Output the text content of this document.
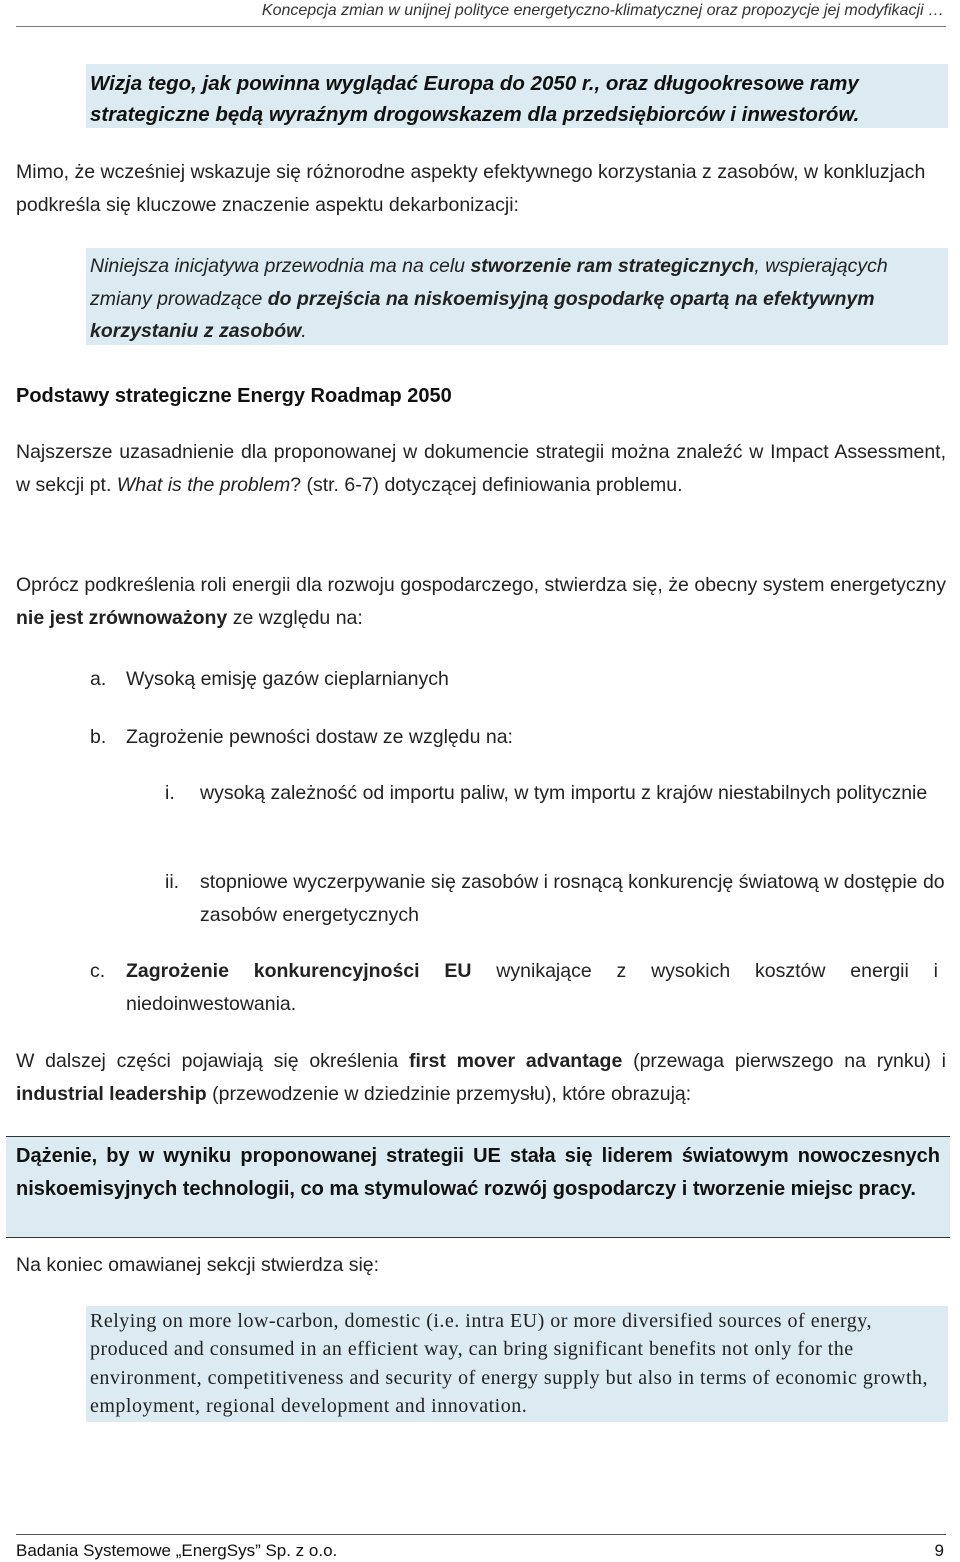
Koncepcja zmian w unijnej polityce energetyczno-klimatycznej oraz propozycje jej modyfikacji …

Wizja tego, jak powinna wyglądać Europa do 2050 r., oraz długookresowe ramy strategiczne będą wyraźnym drogowskazem dla przedsiębiorców i inwestorów.

Mimo, że wcześniej wskazuje się różnorodne aspekty efektywnego korzystania z zasobów, w konkluzjach podkreśla się kluczowe znaczenie aspektu dekarbonizacji:

Niniejsza inicjatywa przewodnia ma na celu stworzenie ram strategicznych, wspierających zmiany prowadzące do przejścia na niskoemisyjną gospodarkę opartą na efektywnym korzystaniu z zasobów.

Podstawy strategiczne Energy Roadmap 2050

Najszersze uzasadnienie dla proponowanej w dokumencie strategii można znaleźć w Impact Assessment, w sekcji pt. What is the problem? (str. 6-7) dotyczącej definiowania problemu.

Oprócz podkreślenia roli energii dla rozwoju gospodarczego, stwierdza się, że obecny system energetyczny nie jest zrównoważony ze względu na:

a. Wysoką emisję gazów cieplarnianych
b. Zagrożenie pewności dostaw ze względu na:
i. wysoką zależność od importu paliw, w tym importu z krajów niestabilnych politycznie
ii. stopniowe wyczerpywanie się zasobów i rosnącą konkurencję światową w dostępie do zasobów energetycznych
c. Zagrożenie konkurencyjności EU wynikające z wysokich kosztów energii i niedoinwestowania.

W dalszej części pojawiają się określenia first mover advantage (przewaga pierwszego na rynku) i industrial leadership (przewodzenie w dziedzinie przemysłu), które obrazują:

Dążenie, by w wyniku proponowanej strategii UE stała się liderem światowym nowoczesnych niskoemisyjnych technologii, co ma stymulować rozwój gospodarczy i tworzenie miejsc pracy.

Na koniec omawianej sekcji stwierdza się:

Relying on more low-carbon, domestic (i.e. intra EU) or more diversified sources of energy, produced and consumed in an efficient way, can bring significant benefits not only for the environment, competitiveness and security of energy supply but also in terms of economic growth, employment, regional development and innovation.

Badania Systemowe „EnergSys” Sp. z o.o.	9
